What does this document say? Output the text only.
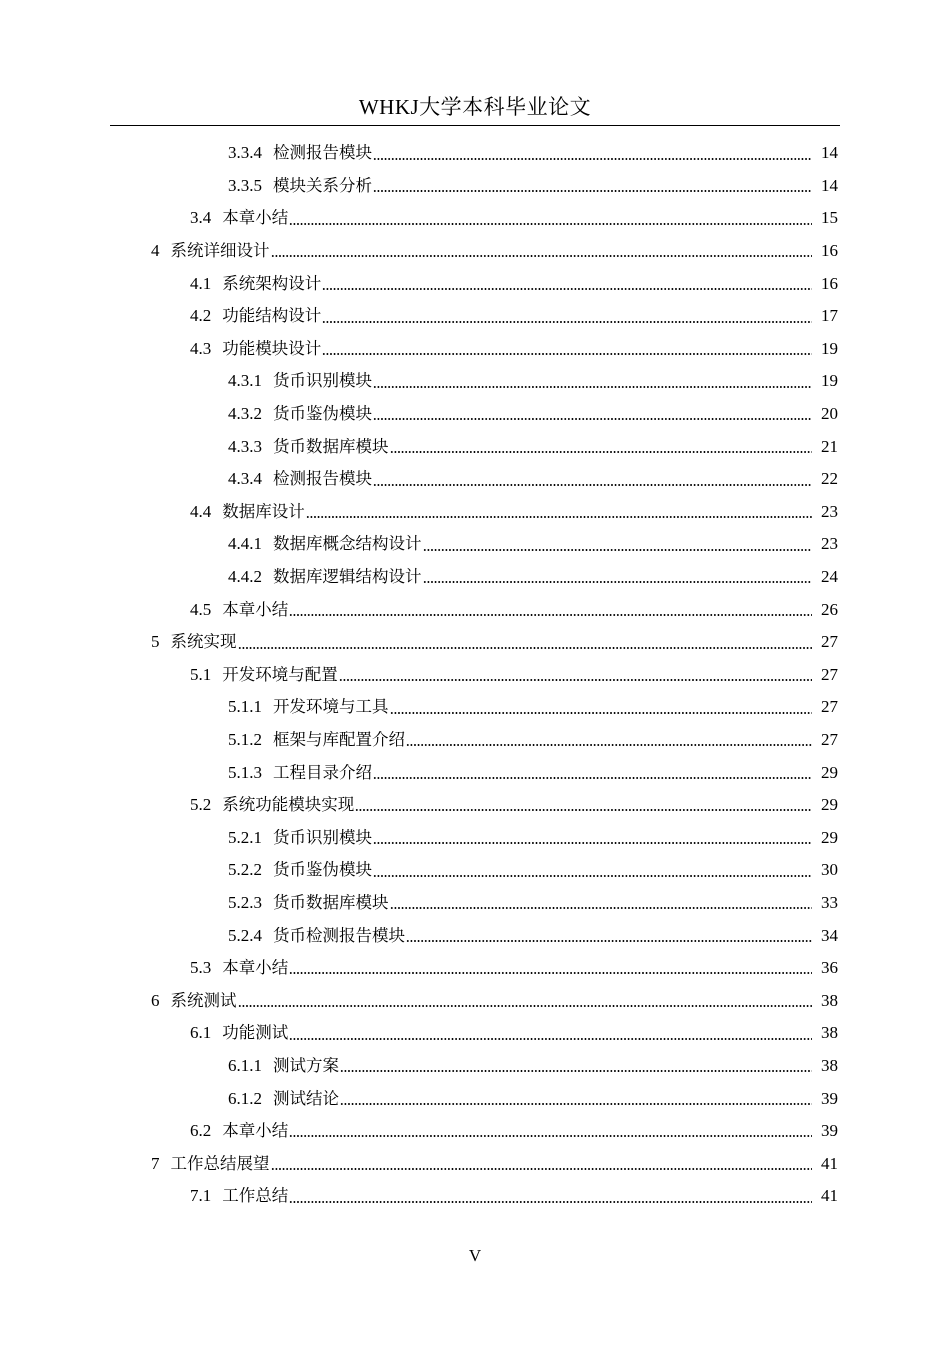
WHKJ大学本科毕业论文
3.3.4 检测报告模块	14
3.3.5 模块关系分析	14
3.4 本章小结	15
4 系统详细设计	16
4.1 系统架构设计	16
4.2 功能结构设计	17
4.3 功能模块设计	19
4.3.1 货币识别模块	19
4.3.2 货币鉴伪模块	20
4.3.3 货币数据库模块	21
4.3.4 检测报告模块	22
4.4 数据库设计	23
4.4.1 数据库概念结构设计	23
4.4.2 数据库逻辑结构设计	24
4.5 本章小结	26
5 系统实现	27
5.1 开发环境与配置	27
5.1.1 开发环境与工具	27
5.1.2 框架与库配置介绍	27
5.1.3 工程目录介绍	29
5.2 系统功能模块实现	29
5.2.1 货币识别模块	29
5.2.2 货币鉴伪模块	30
5.2.3 货币数据库模块	33
5.2.4 货币检测报告模块	34
5.3 本章小结	36
6 系统测试	38
6.1 功能测试	38
6.1.1 测试方案	38
6.1.2 测试结论	39
6.2 本章小结	39
7 工作总结展望	41
7.1 工作总结	41
V
